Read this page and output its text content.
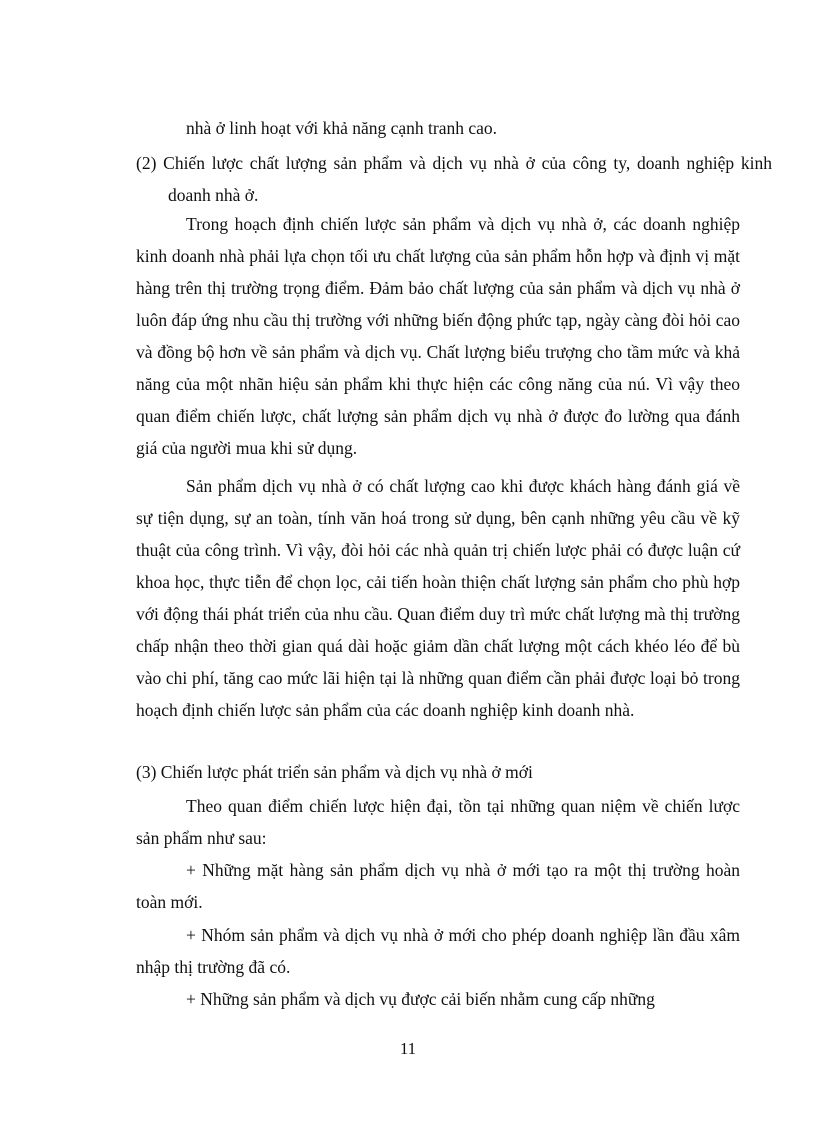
nhà ở linh hoạt với khả năng cạnh tranh cao.

(2) Chiến lược chất lượng sản phẩm và dịch vụ nhà ở của công ty, doanh nghiệp kinh doanh nhà ở.

Trong hoạch định chiến lược sản phẩm và dịch vụ nhà ở, các doanh nghiệp kinh doanh nhà phải lựa chọn tối ưu chất lượng của sản phẩm hỗn hợp và định vị mặt hàng trên thị trường trọng điểm. Đảm bảo chất lượng của sản phẩm và dịch vụ nhà ở luôn đáp ứng nhu cầu thị trường với những biến động phức tạp, ngày càng đòi hỏi cao và đồng bộ hơn về sản phẩm và dịch vụ. Chất lượng biểu trượng cho tầm mức và khả năng của một nhãn hiệu sản phẩm khi thực hiện các công năng của nú. Vì vậy theo quan điểm chiến lược, chất lượng sản phẩm dịch vụ nhà ở được đo lường qua đánh giá của người mua khi sử dụng.

Sản phẩm dịch vụ nhà ở có chất lượng cao khi được khách hàng đánh giá về sự tiện dụng, sự an toàn, tính văn hoá trong sử dụng, bên cạnh những yêu cầu về kỹ thuật của công trình. Vì vậy, đòi hỏi các nhà quản trị chiến lược phải có được luận cứ khoa học, thực tiễn để chọn lọc, cải tiến hoàn thiện chất lượng sản phẩm cho phù hợp với động thái phát triển của nhu cầu. Quan điểm duy trì mức chất lượng mà thị trường chấp nhận theo thời gian quá dài hoặc giảm dần chất lượng một cách khéo léo để bù vào chi phí, tăng cao mức lãi hiện tại là những quan điểm cần phải được loại bỏ trong hoạch định chiến lược sản phẩm của các doanh nghiệp kinh doanh nhà.

(3) Chiến lược phát triển sản phẩm và dịch vụ nhà ở mới

Theo quan điểm chiến lược hiện đại, tồn tại những quan niệm về chiến lược sản phẩm như sau:

+ Những mặt hàng sản phẩm dịch vụ nhà ở mới tạo ra một thị trường hoàn toàn mới.

+ Nhóm sản phẩm và dịch vụ nhà ở mới cho phép doanh nghiệp lần đầu xâm nhập thị trường đã có.

+ Những sản phẩm và dịch vụ được cải biến nhằm cung cấp những

11
